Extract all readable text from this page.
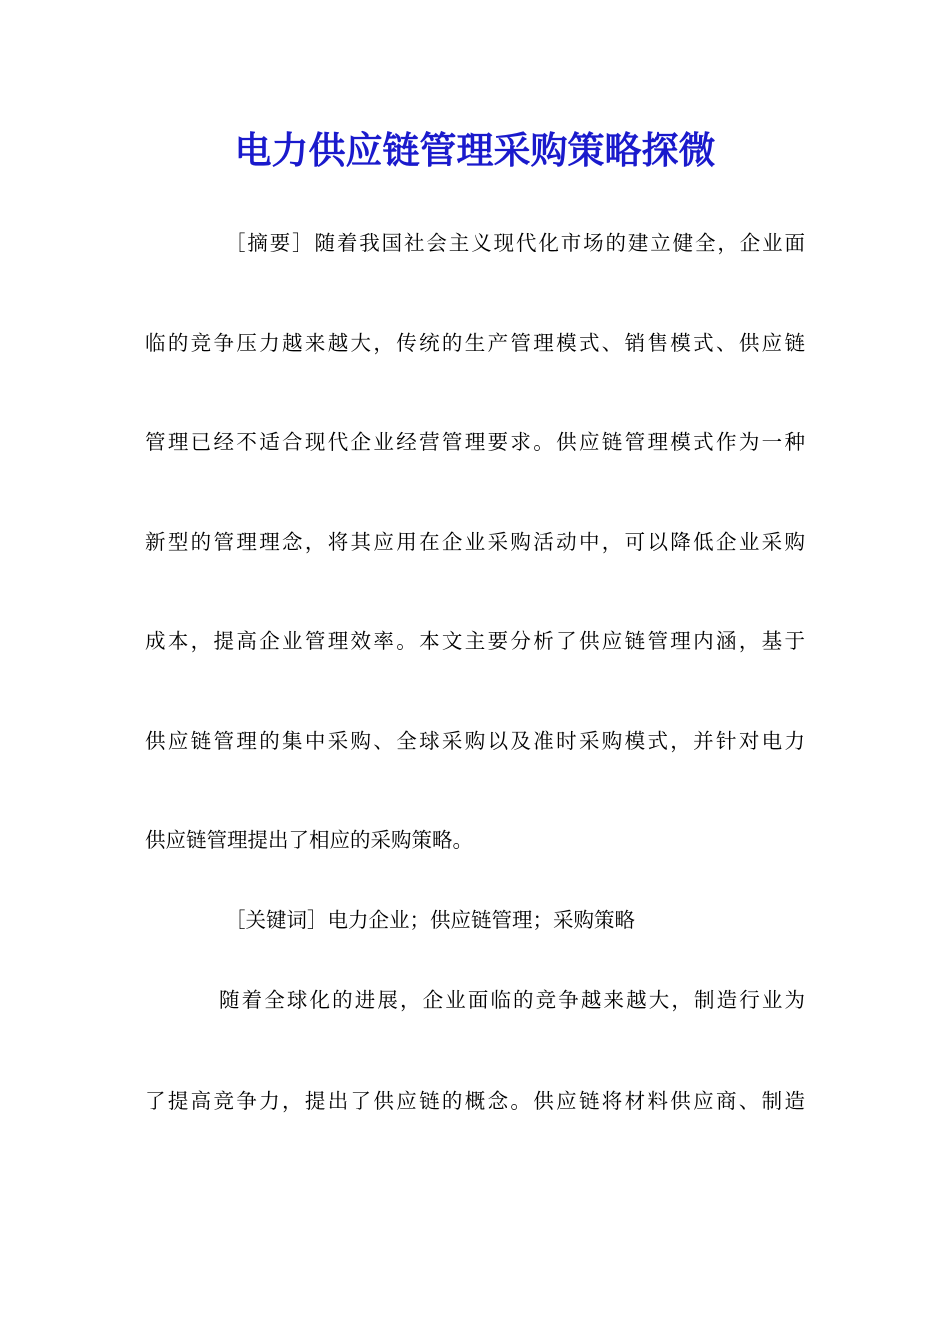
电力供应链管理采购策略探微

［摘要］随着我国社会主义现代化市场的建立健全，企业面

临的竞争压力越来越大，传统的生产管理模式、销售模式、供应链

管理已经不适合现代企业经营管理要求。供应链管理模式作为一种

新型的管理理念，将其应用在企业采购活动中，可以降低企业采购

成本，提高企业管理效率。本文主要分析了供应链管理内涵，基于

供应链管理的集中采购、全球采购以及准时采购模式，并针对电力

供应链管理提出了相应的采购策略。

［关键词］电力企业；供应链管理；采购策略

随着全球化的进展，企业面临的竞争越来越大，制造行业为

了提高竞争力，提出了供应链的概念。供应链将材料供应商、制造
